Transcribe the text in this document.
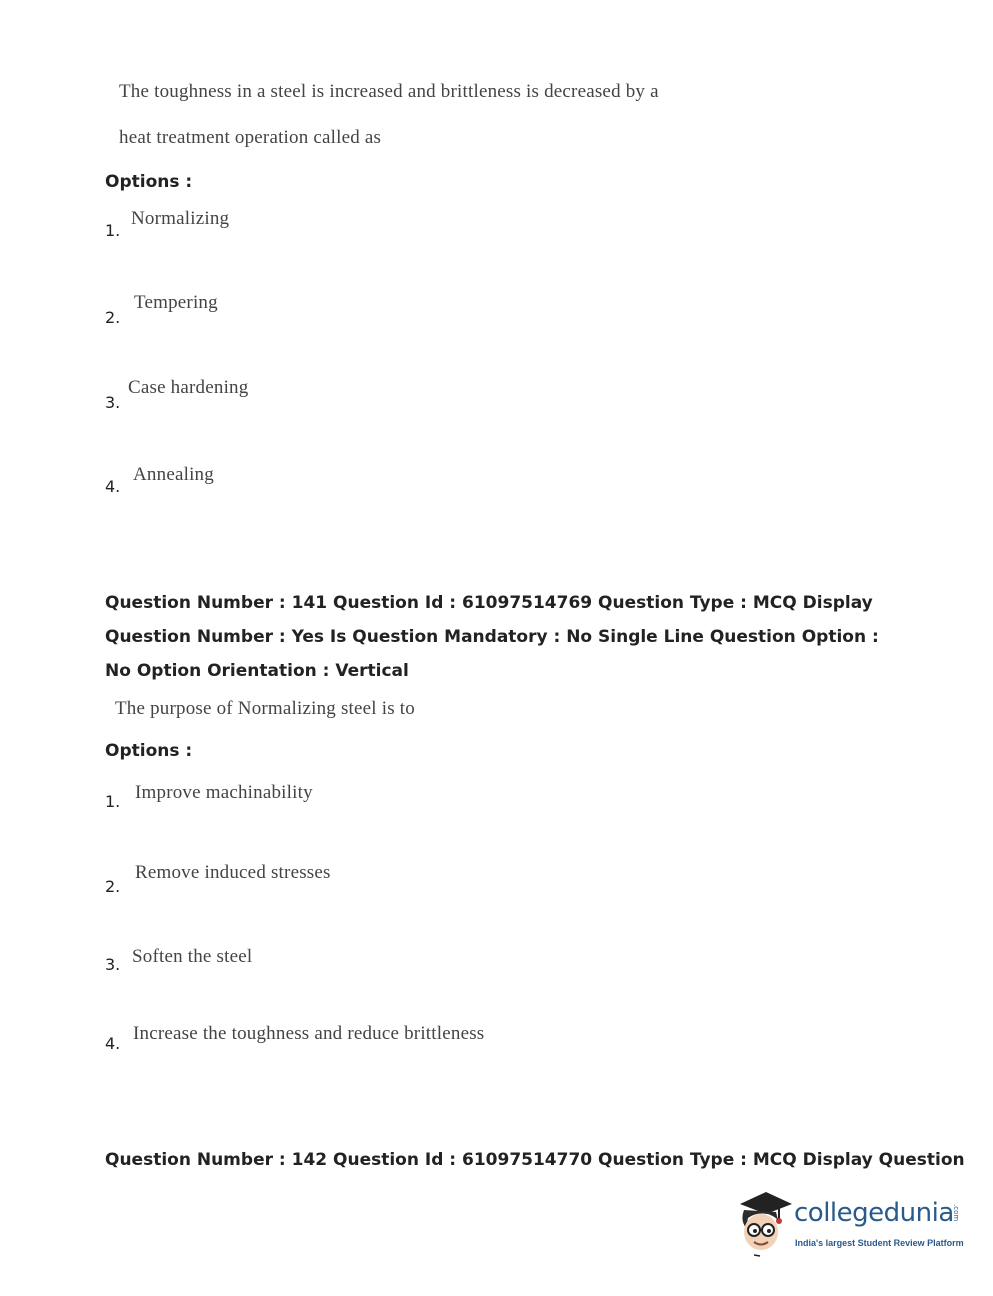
The toughness in a steel is increased and brittleness is decreased by a
heat treatment operation called as
Options :
1.
Normalizing
2.
Tempering
3.
Case hardening
4.
Annealing
Question Number : 141 Question Id : 61097514769 Question Type : MCQ Display Question Number : Yes Is Question Mandatory : No Single Line Question Option : No Option Orientation : Vertical
The purpose of Normalizing steel is to
Options :
1. Improve machinability
2.
Remove induced stresses
3. Soften the steel
4. Increase the toughness and reduce brittleness
Question Number : 142 Question Id : 61097514770 Question Type : MCQ Display Question
collegedunia
.com
India's largest Student Review Platform
